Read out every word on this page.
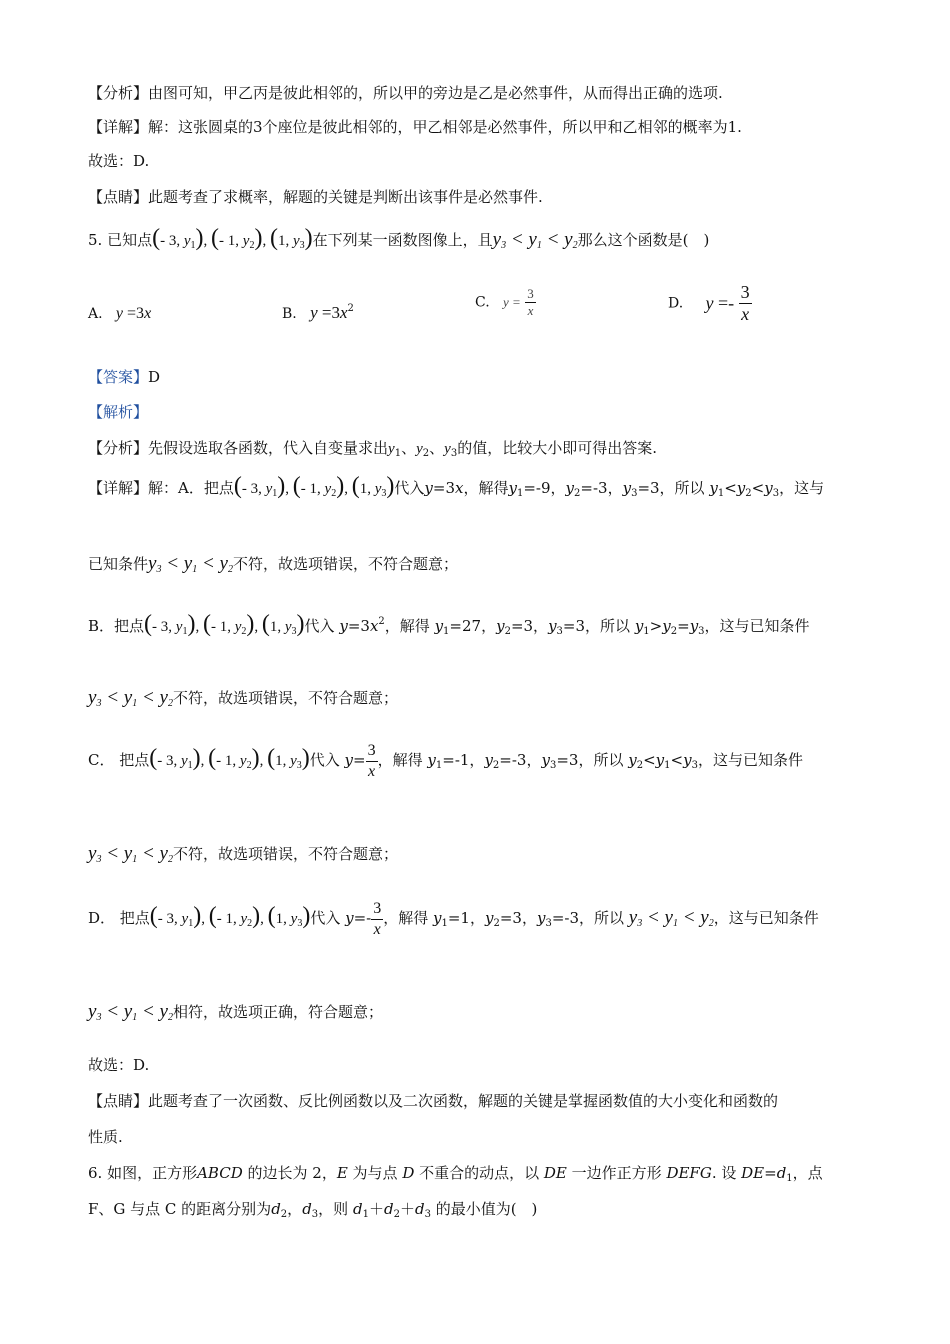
【分析】由图可知，甲乙丙是彼此相邻的，所以甲的旁边是乙是必然事件，从而得出正确的选项.
【详解】解：这张圆桌的3个座位是彼此相邻的，甲乙相邻是必然事件，所以甲和乙相邻的概率为1.
故选：D.
【点睛】此题考查了求概率，解题的关键是判断出该事件是必然事件.
5. 已知点(- 3, $y_1$), (- 1, $y_2$), (1, $y_3$)在下列某一函数图像上，且$y_3 < y_1 < y_2$那么这个函数是(　)
A. y =3x	B. $y =3x^2$	C. $y = \frac{3}{x}$	D. $y =- \frac{3}{x}$
【答案】D
【解析】
【分析】先假设选取各函数，代入自变量求出$y_1$、$y_2$、$y_3$的值，比较大小即可得出答案.
【详解】解：A．把点(- 3, $y_1$), (- 1, $y_2$), (1, $y_3$)代入y=3x，解得$y_1=-9$，$y_2=-3$，$y_3=3$，所以 $y_1<y_2<y_3$，这与
已知条件$y_3 < y_1 < y_2$不符，故选项错误，不符合题意；
B．把点(- 3, $y_1$), (- 1, $y_2$), (1, $y_3$)代入 $y=3x^2$，解得 $y_1=27$，$y_2=3$，$y_3=3$，所以 $y_1>y_2=y_3$，这与已知条件
$y_3 < y_1 < y_2$不符，故选项错误，不符合题意；
C． 把点(- 3, $y_1$), (- 1, $y_2$), (1, $y_3$)代入 $y= \frac{3}{x}$ ，解得 $y_1=-1$，$y_2=-3$，$y_3=3$，所以 $y_2<y_1<y_3$，这与已知条件
$y_3 < y_1 < y_2$不符，故选项错误，不符合题意；
D． 把点(- 3, $y_1$), (- 1, $y_2$), (1, $y_3$)代入 $y=- \frac{3}{x}$ ，解得 $y_1=1$，$y_2=3$，$y_3=-3$，所以 $y_3 < y_1 < y_2$，这与已知条件
$y_3 < y_1 < y_2$相符，故选项正确，符合题意；
故选：D.
【点睛】此题考查了一次函数、反比例函数以及二次函数，解题的关键是掌握函数值的大小变化和函数的
性质.
6. 如图，正方形ABCD 的边长为 2，E 为与点 D 不重合的动点，以 DE 一边作正方形 DEFG. 设 $DE=d_1$，点
F、G 与点 C 的距离分别为$d_2$，$d_3$，则 $d_1+d_2+d_3$ 的最小值为(　)
